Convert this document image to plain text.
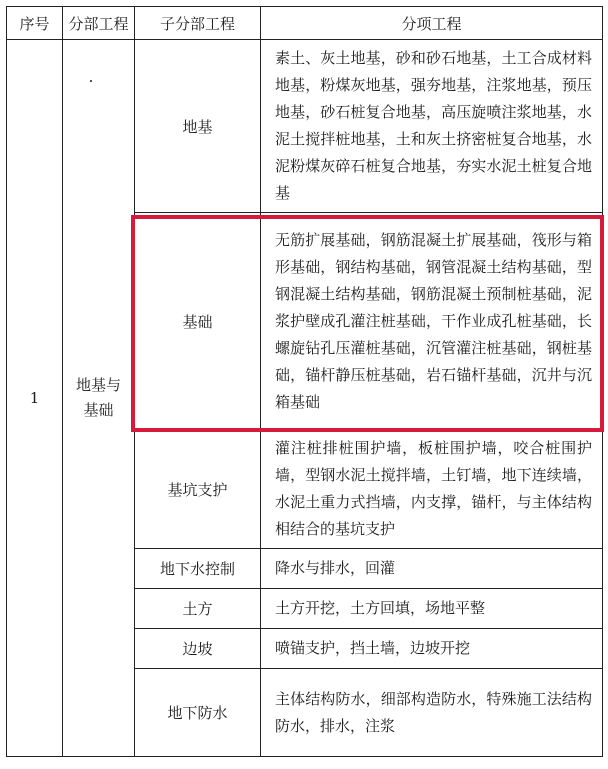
序号	分部工程	子分部工程	分项工程
1	地基与基础	地基	素土、灰土地基，砂和砂石地基，土工合成材料地基，粉煤灰地基，强夯地基，注浆地基，预压地基，砂石桩复合地基，高压旋喷注浆地基，水泥土搅拌桩地基，土和灰土挤密桩复合地基，水泥粉煤灰碎石桩复合地基，夯实水泥土桩复合地基
		基础	无筋扩展基础，钢筋混凝土扩展基础，筏形与箱形基础，钢结构基础，钢管混凝土结构基础，型钢混凝土结构基础，钢筋混凝土预制桩基础，泥浆护壁成孔灌注桩基础，干作业成孔桩基础，长螺旋钻孔压灌桩基础，沉管灌注桩基础，钢桩基础，锚杆静压桩基础，岩石锚杆基础，沉井与沉箱基础
		基坑支护	灌注桩排桩围护墙，板桩围护墙，咬合桩围护墙，型钢水泥土搅拌墙，土钉墙，地下连续墙，水泥土重力式挡墙，内支撑，锚杆，与主体结构相结合的基坑支护
		地下水控制	降水与排水，回灌
		土方	土方开挖，土方回填，场地平整
		边坡	喷锚支护，挡土墙，边坡开挖
		地下防水	主体结构防水，细部构造防水，特殊施工法结构防水，排水，注浆
